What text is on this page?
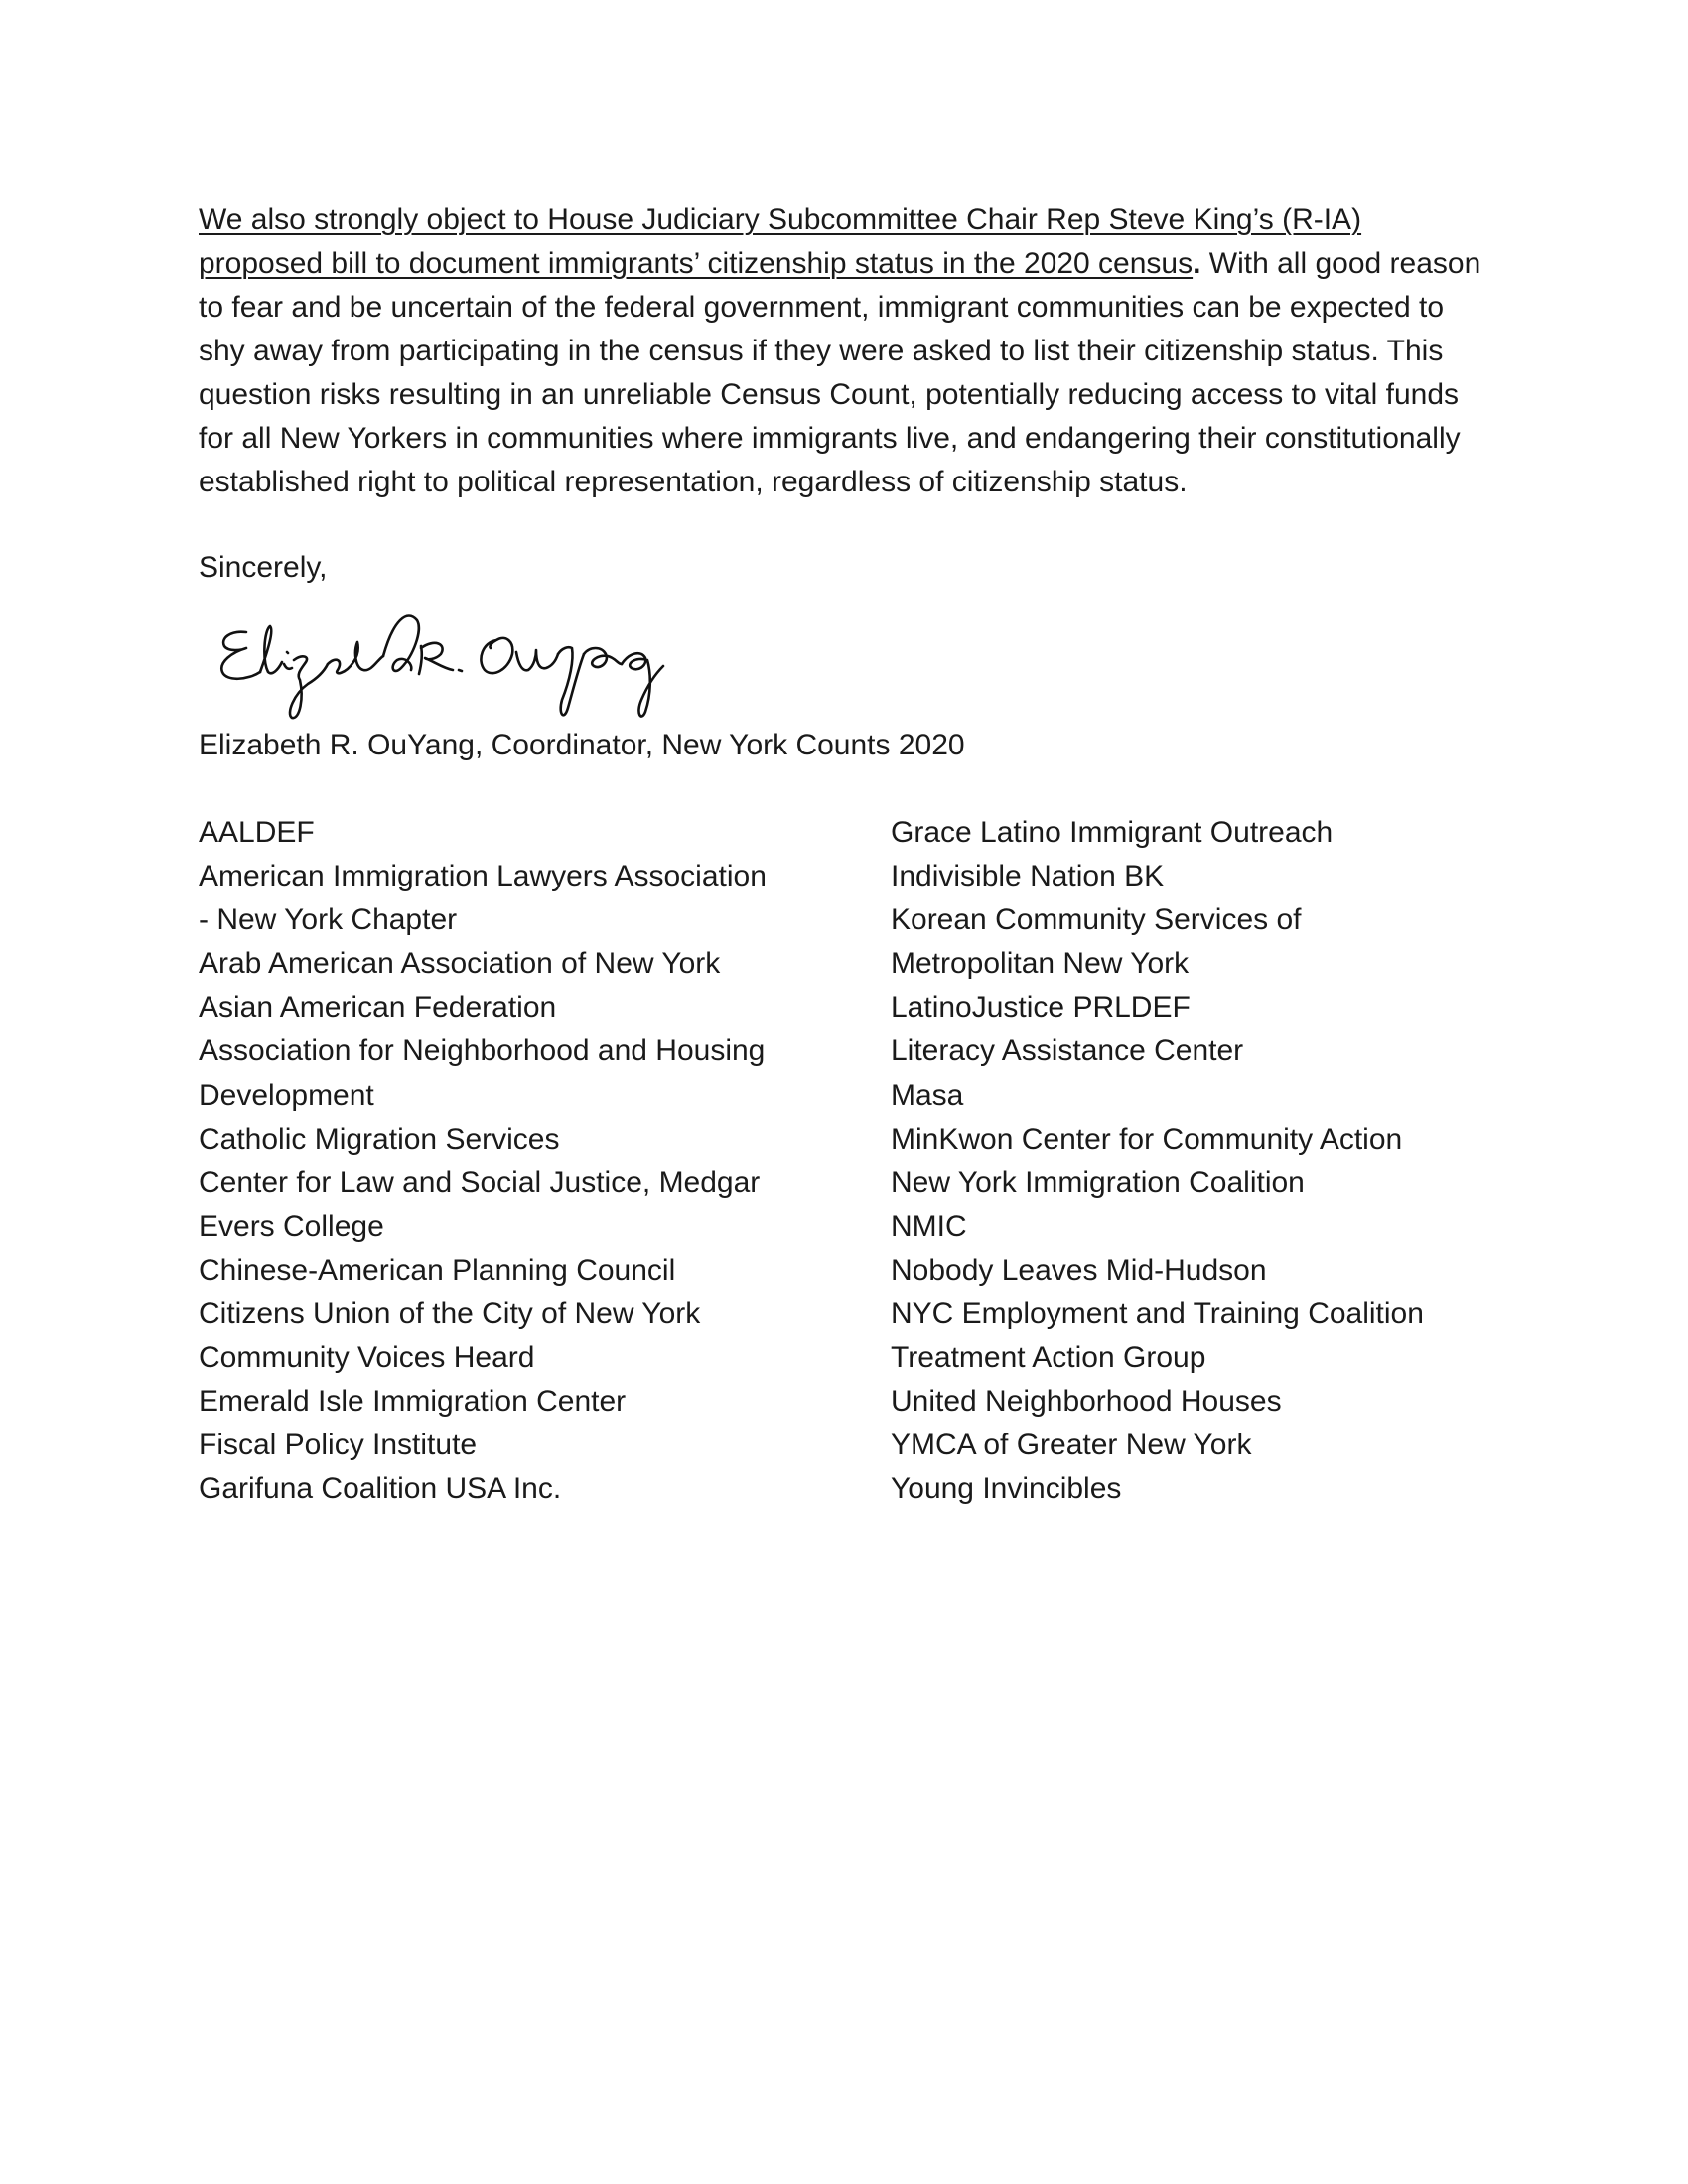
We also strongly object to House Judiciary Subcommittee Chair Rep Steve King’s (R-IA) proposed bill to document immigrants’ citizenship status in the 2020 census. With all good reason to fear and be uncertain of the federal government, immigrant communities can be expected to shy away from participating in the census if they were asked to list their citizenship status. This question risks resulting in an unreliable Census Count, potentially reducing access to vital funds for all New Yorkers in communities where immigrants live, and endangering their constitutionally established right to political representation, regardless of citizenship status.

Sincerely,

Elizabeth R. OuYang, Coordinator, New York Counts 2020

AALDEF
American Immigration Lawyers Association
- New York Chapter
Arab American Association of New York
Asian American Federation
Association for Neighborhood and Housing
Development
Catholic Migration Services
Center for Law and Social Justice, Medgar
Evers College
Chinese-American Planning Council
Citizens Union of the City of New York
Community Voices Heard
Emerald Isle Immigration Center
Fiscal Policy Institute
Garifuna Coalition USA Inc.
Grace Latino Immigrant Outreach
Indivisible Nation BK
Korean Community Services of
Metropolitan New York
LatinoJustice PRLDEF
Literacy Assistance Center
Masa
MinKwon Center for Community Action
New York Immigration Coalition
NMIC
Nobody Leaves Mid-Hudson
NYC Employment and Training Coalition
Treatment Action Group
United Neighborhood Houses
YMCA of Greater New York
Young Invincibles
